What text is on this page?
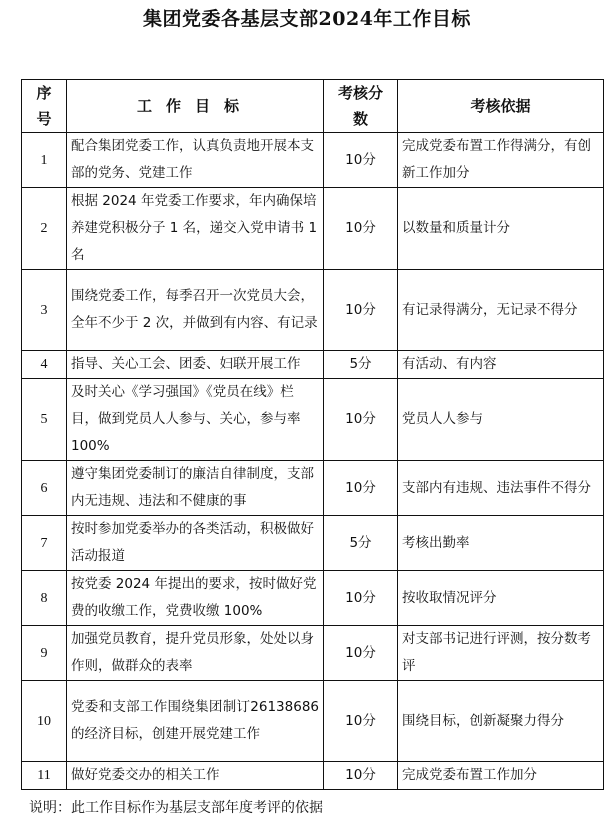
集团党委各基层支部2024年工作目标
序号	工作目标	考核分数	考核依据
1	配合集团党委工作，认真负责地开展本支部的党务、党建工作	10分	完成党委布置工作得满分，有创新工作加分
2	根据 2024 年党委工作要求，年内确保培养建党积极分子 1 名，递交入党申请书 1 名	10分	以数量和质量计分
3	围绕党委工作，每季召开一次党员大会，全年不少于 2 次，并做到有内容、有记录	10分	有记录得满分，无记录不得分
4	指导、关心工会、团委、妇联开展工作	5分	有活动、有内容
5	及时关心《学习强国》《党员在线》栏目，做到党员人人参与、关心，参与率100%	10分	党员人人参与
6	遵守集团党委制订的廉洁自律制度，支部内无违规、违法和不健康的事	10分	支部内有违规、违法事件不得分
7	按时参加党委举办的各类活动，积极做好活动报道	5分	考核出勤率
8	按党委 2024 年提出的要求，按时做好党费的收缴工作，党费收缴 100%	10分	按收取情况评分
9	加强党员教育，提升党员形象，处处以身作则，做群众的表率	10分	对支部书记进行评测，按分数考评
10	党委和支部工作围绕集团制订26138686 的经济目标，创建开展党建工作	10分	围绕目标，创新凝聚力得分
11	做好党委交办的相关工作	10分	完成党委布置工作加分
说明：此工作目标作为基层支部年度考评的依据
